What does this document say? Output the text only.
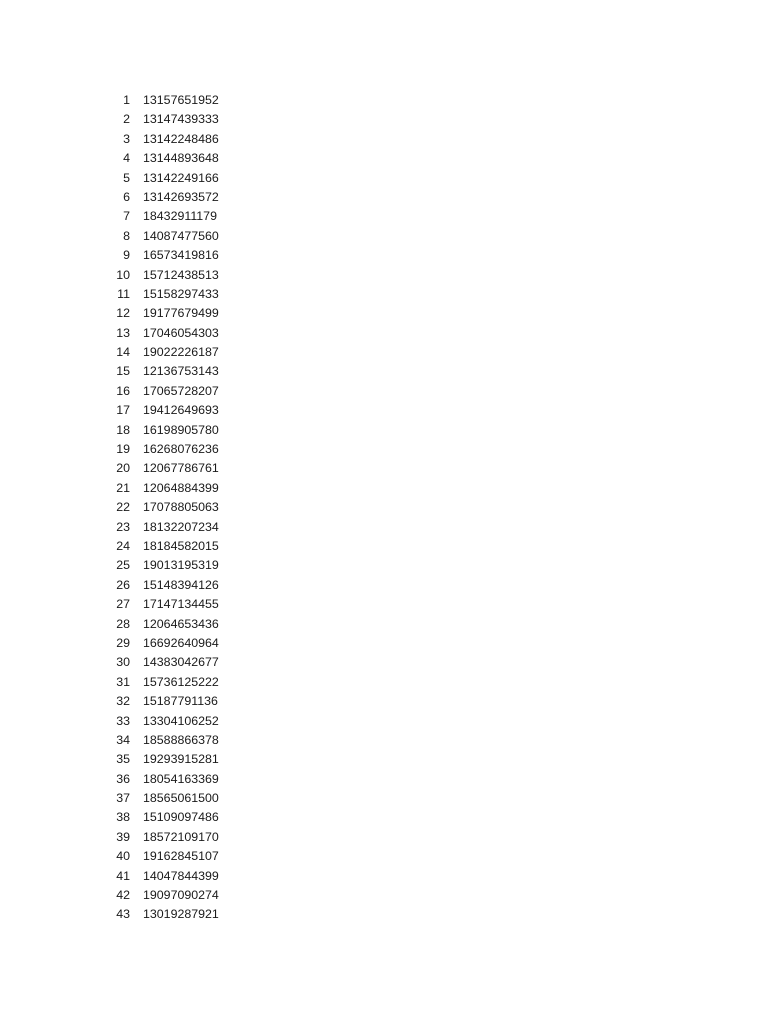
1 13157651952
2 13147439333
3 13142248486
4 13144893648
5 13142249166
6 13142693572
7 18432911179
8 14087477560
9 16573419816
10 15712438513
11 15158297433
12 19177679499
13 17046054303
14 19022226187
15 12136753143
16 17065728207
17 19412649693
18 16198905780
19 16268076236
20 12067786761
21 12064884399
22 17078805063
23 18132207234
24 18184582015
25 19013195319
26 15148394126
27 17147134455
28 12064653436
29 16692640964
30 14383042677
31 15736125222
32 15187791136
33 13304106252
34 18588866378
35 19293915281
36 18054163369
37 18565061500
38 15109097486
39 18572109170
40 19162845107
41 14047844399
42 19097090274
43 13019287921
